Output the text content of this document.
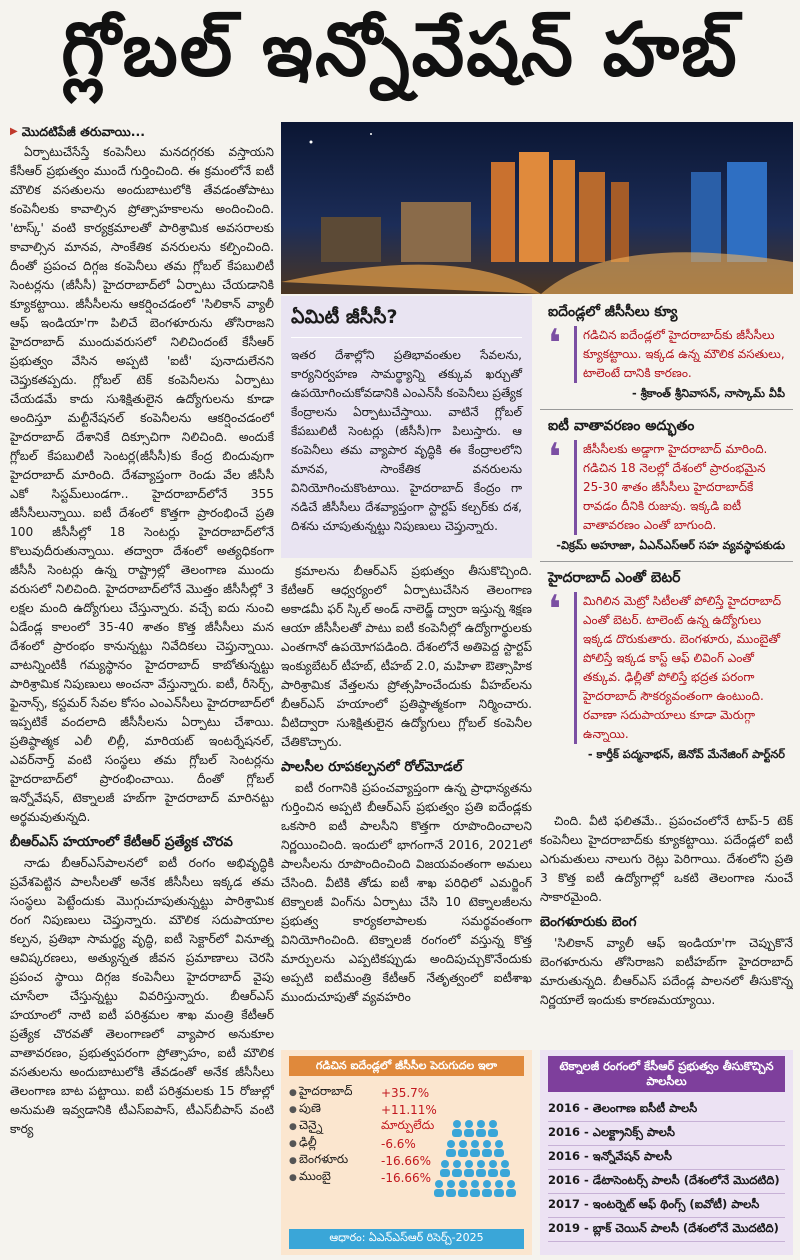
గ్లోబల్ ఇన్నోవేషన్ హబ్
▶ మొదటిపేజీ తరువాయి...

ఏర్పాటుచేసేస్తే కంపెనీలు మనదగ్గరకు వస్తాయని కేసీఆర్ ప్రభుత్వం ముందే గుర్తించింది. ఈ క్రమంలోనే ఐటీ మౌలిక వసతులను అందుబాటులోకి తేవడంతోపాటు కంపెనీలకు కావాల్సిన ప్రోత్సాహకాలను అందించింది. 'టాస్క్' వంటి కార్యక్రమాలతో పారిశ్రామిక అవసరాలకు కావాల్సిన మానవ, సాంకేతిక వనరులను కల్పించింది. దీంతో ప్రపంచ దిగ్గజ కంపెనీలు తమ గ్లోబల్ కేపబులిటీ సెంటర్లను (జీసీసీ) హైదరాబాద్‌లో ఏర్పాటు చేయడానికి క్యూకట్టాయి. జీసీసీలను ఆకర్షించడంలో 'సిలికాన్ వ్యాలీ ఆఫ్ ఇండియా'గా పిలిచే బెంగళూరును తోసిరాజని హైదరాబాద్ ముందువరుసలో నిలిచిందంటే కేసీఆర్ ప్రభుత్వం వేసిన అప్పటి 'ఐటీ' పునాదులేనని చెప్తుకతప్పదు. గ్లోబల్ టెక్ కంపెనీలను ఏర్పాటు చేయడమే కాదు సుశిక్షితులైన ఉద్యోగులను కూడా అందిస్తూ మల్టీనేషనల్ కంపెనీలను ఆకర్షించడంలో హైదరాబాద్ దేశానికే దిక్సూచిగా నిలిచింది. అందుకే గ్లోబల్ కేపబులిటీ సెంటర్ల(జీసీసీ)కు కేంద్ర బిందువుగా హైదరాబాద్ మారింది. దేశవ్యాప్తంగా రెండు వేల జీసీసీ ఎకో సిస్టమ్‌లుండగా.. హైదరాబాద్‌లోనే 355 జీసీసీలున్నాయి. ఐటీ దేశంలో కొత్తగా ప్రారంభించే ప్రతి 100 జీసీసీల్లో 18 సెంటర్లు హైదరాబాద్‌లోనే కొలువుదీరుతున్నాయి. తద్వారా దేశంలో అత్యధికంగా జీసీసీ సెంటర్లు ఉన్న రాష్ట్రాల్లో తెలంగాణ ముందు వరుసలో నిలిచింది. హైదరాబాద్‌లోనే మొత్తం జీసీసీల్లో 3 లక్షల మంది ఉద్యోగులు చేస్తున్నారు. వచ్చే ఐదు నుంచి ఏడేండ్ల కాలంలో 35-40 శాతం కొత్త జీసీసీలు మన దేశంలో ప్రారంభం కానున్నట్టు నివేదికలు చెప్తున్నాయి. వాటన్నింటికీ గమ్యస్థానం హైదరాబాద్ కాబోతున్నట్టు పారిశ్రామిక నిపుణులు అంచనా వేస్తున్నారు. ఐటీ, రీసెర్చ్, ఫైనాన్స్, కస్టమర్ సేవల కోసం ఎంఎన్‌సీలు హైదరాబాద్‌లో ఇప్పటికే వందలాది జీసీసీలను ఏర్పాటు చేశాయి. ప్రతిష్ఠాత్మక ఎలీ లిల్లీ, మారియట్ ఇంటర్నేషనల్, ఎవర్‌నార్త్ వంటి సంస్థలు తమ గ్లోబల్ సెంటర్లను హైదరాబాద్‌లో ప్రారంభించాయి. దీంతో గ్లోబల్ ఇన్నోవేషన్, టెక్నాలజీ హబ్‌గా హైదరాబాద్ మారినట్టు అర్థమవుతున్నది.

బీఆర్‌ఎస్ హయాంలో కేటీఆర్ ప్రత్యేక చొరవ

నాడు బీఆర్‌ఎస్‌పాలనలో ఐటీ రంగం అభివృద్ధికి ప్రవేశపెట్టిన పాలసీలతో అనేక జీసీసీలు ఇక్కడ తమ సంస్థలు పెట్టేందుకు మొగ్గుచూపుతున్నట్టు పారిశ్రామిక రంగ నిపుణులు చెప్తున్నారు. మౌలిక సదుపాయాల కల్పన, ప్రతిభా సామర్థ్య వృద్ధి, ఐటీ సెక్టార్‌లో వినూత్న ఆవిష్కరణలు, అత్యున్నత జీవన ప్రమాణాలు చెరసి ప్రపంచ స్థాయి దిగ్గజ కంపెనీలు హైదరాబాద్ వైపు చూసేలా చేస్తున్నట్టు వివరిస్తున్నారు. బీఆర్‌ఎస్ హయాంలో నాటి ఐటీ పరిశ్రమల శాఖ మంత్రి కేటీఆర్ ప్రత్యేక చొరవతో తెలంగాణలో వ్యాపార అనుకూల వాతావరణం, ప్రభుత్వపరంగా ప్రోత్సాహం, ఐటీ మౌలిక వసతులను అందుబాటులోకి తేవడంతో అనేక జీసీసీలు తెలంగాణ బాట పట్టాయి. ఐటీ పరిశ్రమలకు 15 రోజుల్లో అనుమతి ఇవ్వడానికి టీఎస్‌ఐపాస్, టీఎస్‌బీపాస్ వంటి కార్య

ఏమిటీ జీసీసీ?
ఇతర దేశాల్లోని ప్రతిభావంతుల సేవలను, కార్యనిర్వహణ సామర్థ్యాన్ని తక్కువ ఖర్చుతో ఉపయోగించుకోవడానికి ఎంఎన్‌సీ కంపెనీలు ప్రత్యేక కేంద్రాలను ఏర్పాటుచేస్తాయి. వాటినే గ్లోబల్ కేపబులిటీ సెంటర్లు (జీసీసీ)గా పిలుస్తారు. ఆ కంపెనీలు తమ వ్యాపార వృద్ధికి ఈ కేంద్రాలలోని మానవ, సాంకేతిక వనరులను వినియోగించుకొంటాయి. హైదరాబాద్ కేంద్రం గా నడిచే జీసీసీలు దేశవ్యాప్తంగా స్టార్టప్ కల్చర్‌కు దశ, దిశను చూపుతున్నట్టు నిపుణులు చెప్తున్నారు.

క్రమాలను బీఆర్‌ఎస్ ప్రభుత్వం తీసుకొచ్చింది. కేటీఆర్ ఆధ్వర్యంలో ఏర్పాటుచేసిన తెలంగాణ అకాడమీ ఫర్ స్కిల్ అండ్ నాలెడ్జ్ ద్వారా ఇస్తున్న శిక్షణ ఆయా జీసీసీలతో పాటు ఐటీ కంపెనీల్లో ఉద్యోగార్థులకు ఎంతగానో ఉపయోగపడింది. దేశంలోనే అతిపెద్ద స్టార్టప్ ఇంక్యుబేటర్ టీహబ్, టీహబ్ 2.0, మహిళా ఔత్సాహిక పారిశ్రామిక వేత్తలను ప్రోత్సహించేందుకు వీహబ్‌లను బీఆర్‌ఎస్ హయాంలో ప్రతిష్ఠాత్మకంగా నిర్మించారు. వీటిద్వారా సుశిక్షితులైన ఉద్యోగులు గ్లోబల్ కంపెనీల చేతికొచ్చారు.

పాలసీల రూపకల్పనలో రోల్‌మోడల్

ఐటీ రంగానికి ప్రపంచవ్యాప్తంగా ఉన్న ప్రాధాన్యతను గుర్తించిన అప్పటి బీఆర్‌ఎస్ ప్రభుత్వం ప్రతి ఐదేండ్లకు ఒకసారి ఐటీ పాలసీని కొత్తగా రూపొందించాలని నిర్ణయించింది. ఇందులో భాగంగానే 2016, 2021లో పాలసీలను రూపొందించింది విజయవంతంగా అమలు చేసింది. వీటికి తోడు ఐటీ శాఖ పరిధిలో ఎమర్జింగ్ టెక్నాలజీ వింగ్‌ను ఏర్పాటు చేసి 10 టెక్నాలజీలను ప్రభుత్వ కార్యకలాపాలకు సమర్థవంతంగా వినియోగించింది. టెక్నాలజీ రంగంలో వస్తున్న కొత్త మార్పులను ఎప్పటికప్పుడు అందిపుచ్చుకొనేందుకు అప్పటి ఐటీమంత్రి కేటీఆర్ నేతృత్వంలో ఐటీశాఖ ముందుచూపుతో వ్యవహరిం

ఐదేండ్లలో జీసీసీలు క్యూ
❛	గడిచిన ఐదేండ్లలో హైదరాబాద్‌కు జీసీసీలు క్యూకట్టాయి. ఇక్కడ ఉన్న మౌలిక వసతులు, టాలెంటే దానికి కారణం.
- శ్రీకాంత్ శ్రీనివాసన్, నాస్కామ్ వీపీ
ఐటీ వాతావరణం అద్భుతం
❛	జీసీసీలకు అడ్డాగా హైదరాబాద్ మారింది. గడిచిన 18 నెలల్లో దేశంలో ప్రారంభమైన 25-30 శాతం జీసీసీలు హైదరాబాద్‌కే రావడం దీనికి రుజువు. ఇక్కడి ఐటీ వాతావరణం ఎంతో బాగుంది.
-విక్రమ్ అహూజా, ఏఎన్‌ఎస్ఆర్ సహ వ్యవస్థాపకుడు
హైదరాబాద్ ఎంతో బెటర్
❛	మిగిలిన మెట్రో సిటీలతో పోలిస్తే హైదరాబాద్ ఎంతో బెటర్. టాలెంట్ ఉన్న ఉద్యోగులు ఇక్కడ దొరుకుతారు. బెంగళూరు, ముంబైతో పోలిస్తే ఇక్కడ కాస్ట్ ఆఫ్ లివింగ్ ఎంతో తక్కువ. ఢిల్లీతో పోలిస్తే భద్రత పరంగా హైదరాబాద్ సౌకర్యవంతంగా ఉంటుంది. రవాణా సదుపాయాలు కూడా మెరుగ్గా ఉన్నాయి.
- కార్తీక్ పద్మనాభన్, జెనోవ్ మేనేజింగ్ పార్ట్‌నర్

చింది. వీటి ఫలితమే.. ప్రపంచంలోనే టాప్-5 టెక్ కంపెనీలు హైదరాబాద్‌కు క్యూకట్టాయి. పదేండ్లలో ఐటీ ఎగుమతులు నాలుగు రెట్లు పెరిగాయి. దేశంలోని ప్రతి 3 కొత్త ఐటీ ఉద్యోగాల్లో ఒకటి తెలంగాణ నుంచే సాకారమైంది.

బెంగళూరుకు బెంగ

'సిలికాన్ వ్యాలీ ఆఫ్ ఇండియా'గా చెప్పుకొనే బెంగళూరును తోసిరాజని ఐటీహబ్‌గా హైదరాబాద్ మారుతున్నది. బీఆర్‌ఎస్ పదేండ్ల పాలనలో తీసుకొన్న నిర్ణయాలే ఇందుకు కారణమయ్యాయి.

గడిచిన ఐదేండ్లలో జీసీసీల పెరుగుదల ఇలా
● హైదరాబాద్	+35.7%
● పుణె	+11.11%
● చెన్నై	మార్పులేదు
● ఢిల్లీ	-6.6%
● బెంగళూరు	-16.66%
● ముంబై	-16.66%
ఆధారం: ఏఎన్ఎస్ఆర్ రిసెర్చ్-2025
టెక్నాలజీ రంగంలో కేసీఆర్ ప్రభుత్వం తీసుకొచ్చిన పాలసీలు
2016 - తెలంగాణ ఐసీటీ పాలసీ
2016 - ఎలక్ట్రానిక్స్ పాలసీ
2016 - ఇన్నోవేషన్ పాలసీ
2016 - డేటాసెంటర్స్ పాలసీ (దేశంలోనే మొదటిది)
2017 - ఇంటర్నెట్ ఆఫ్ థింగ్స్ (ఐవోటీ) పాలసీ
2019 - బ్లాక్ చెయిన్ పాలసీ (దేశంలోనే మొదటిది)
